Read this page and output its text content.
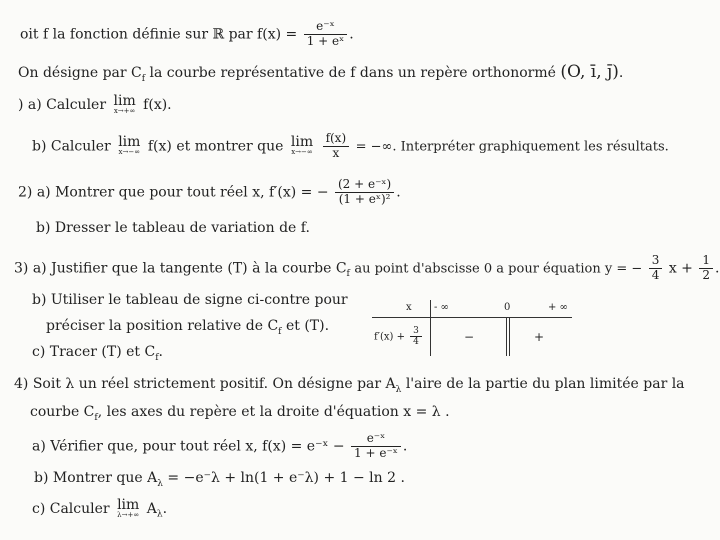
oit f la fonction définie sur ℝ par $f(x) = \frac{\text{e⁻ˣ}}{\text{1 + eˣ}}$ .
On désigne par $C_f$ la courbe représentative de f dans un repère orthonormé (O, ī, j̄).
) a) Calculer lim
x→+∞ f(x).
b) Calculer lim
x→−∞ f(x) et montrer que lim
x→−∞
$\frac{f(x)}{x}$ = −∞. Interpréter graphiquement les résultats.
2) a) Montrer que pour tout réel x, f′(x) = − $\frac{\text{(2 + e⁻ˣ)}}{\text{(1 + eˣ)²}}$ .
b) Dresser le tableau de variation de f.
3) a) Justifier que la tangente (T) à la courbe $C_f$ au point d'abscisse 0 a pour équation y = − $\frac{3}{4}$ $x + \frac{1}{2}$ .
b) Utiliser le tableau de signe ci-contre pour
préciser la position relative de $C_f$ et (T).
c) Tracer (T) et $C_f$.
x - ∞	0	+ ∞
$f'(x) + \frac{3}{4}$	−	+
4) Soit λ un réel strictement positif. On désigne par $A_\lambda$ l'aire de la partie du plan limitée par la
courbe $C_f$, les axes du repère et la droite d'équation x = λ .
a) Vérifier que, pour tout réel x, f(x) = e⁻ˣ − $\frac{\text{e⁻ˣ}}{\text{1 + e⁻ˣ}}$ .
b) Montrer que $A_\lambda = -e^-\lambda + \ln(1 + e^-\lambda) + 1 - \ln 2$ .
c) Calculer lim
λ→+∞ $A_\lambda$.
